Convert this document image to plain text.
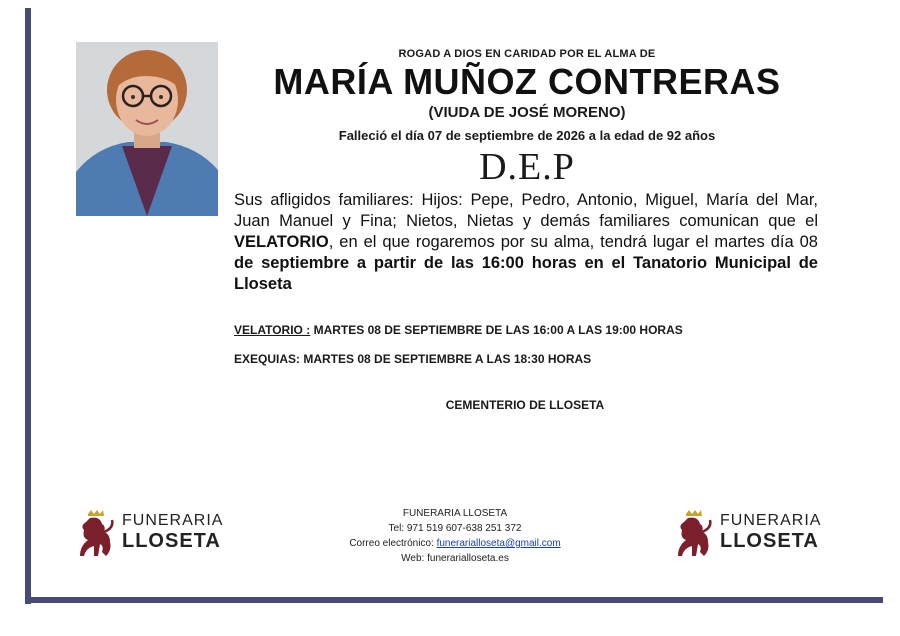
ROGAD A DIOS EN CARIDAD POR EL ALMA DE
MARÍA MUÑOZ CONTRERAS
(VIUDA DE JOSÉ MORENO)
Falleció el día 07 de septiembre de 2026 a la edad de 92 años
D.E.P
Sus afligidos familiares: Hijos: Pepe, Pedro, Antonio, Miguel, María del Mar, Juan Manuel y Fina; Nietos, Nietas y demás familiares comunican que el VELATORIO, en el que rogaremos por su alma, tendrá lugar el martes día 08 de septiembre a partir de las 16:00 horas en el Tanatorio Municipal de Lloseta
VELATORIO : MARTES 08 DE SEPTIEMBRE DE LAS 16:00 A LAS 19:00 HORAS
EXEQUIAS: MARTES 08 DE SEPTIEMBRE A LAS 18:30 HORAS
CEMENTERIO DE LLOSETA
FUNERARIA LLOSETA
Tel: 971 519 607-638 251 372
Correo electrónico: funerarialloseta@gmail.com
Web: funerarialloseta.es
FUNERARIA
LLOSETA
FUNERARIA
LLOSETA
